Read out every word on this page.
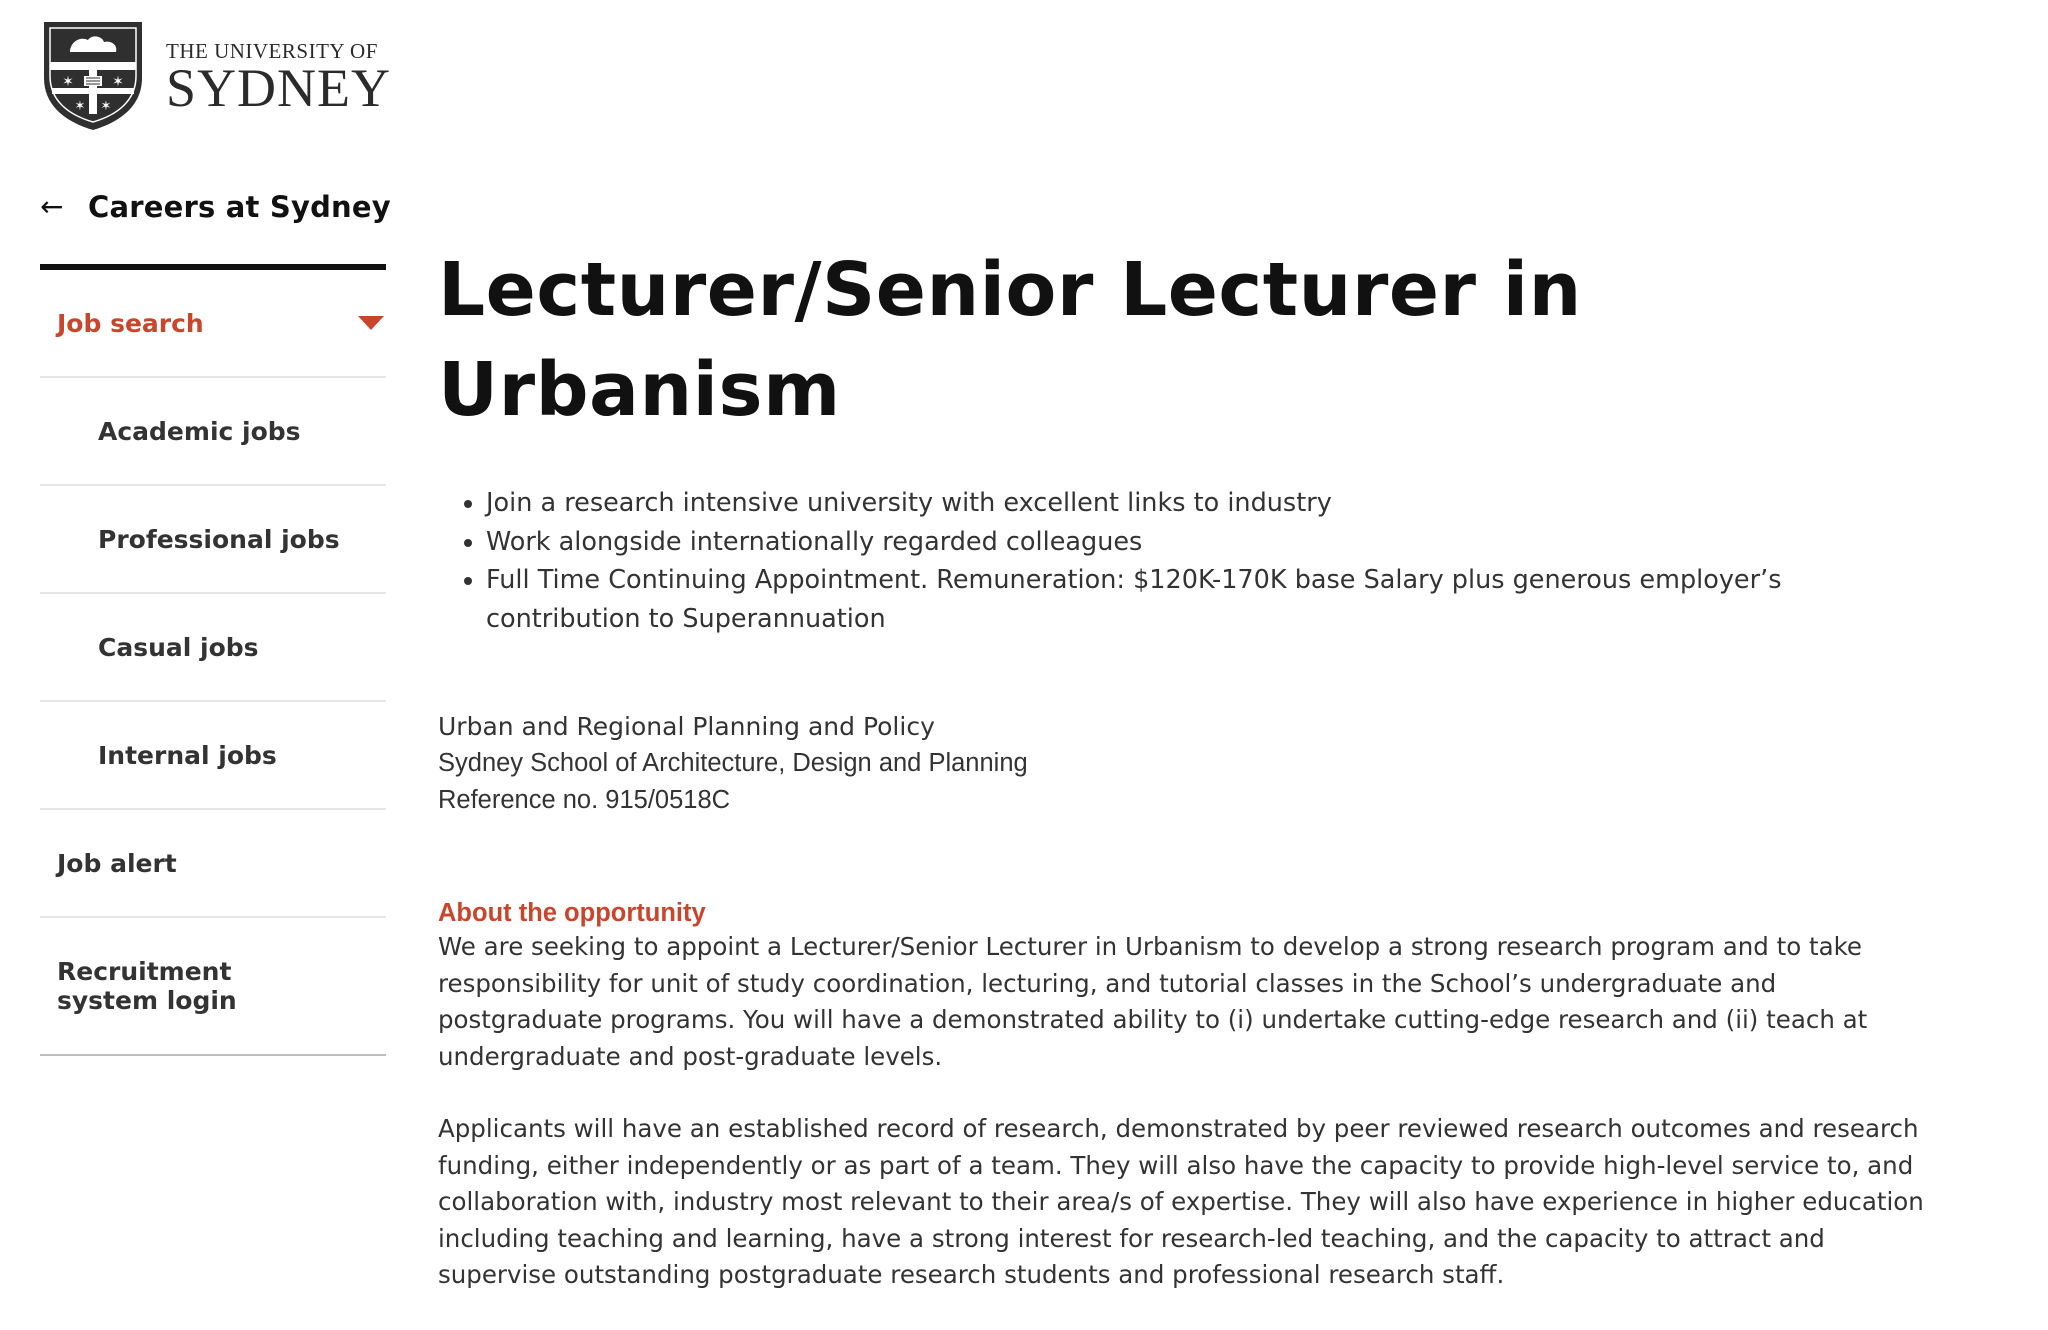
✶	✶
✶ ✶
THE UNIVERSITY OF
SYDNEY
← Careers at Sydney
Job search
Academic jobs
Professional jobs
Casual jobs
Internal jobs
Job alert
Recruitment system login
Lecturer/Senior Lecturer in Urbanism
• Join a research intensive university with excellent links to industry
• Work alongside internationally regarded colleagues
• Full Time Continuing Appointment. Remuneration: $120K-170K base Salary plus generous employer’s contribution to Superannuation
Urban and Regional Planning and Policy
Sydney School of Architecture, Design and Planning
Reference no. 915/0518C
About the opportunity

We are seeking to appoint a Lecturer/Senior Lecturer in Urbanism to develop a strong research program and to take responsibility for unit of study coordination, lecturing, and tutorial classes in the School’s undergraduate and postgraduate programs. You will have a demonstrated ability to (i) undertake cutting-edge research and (ii) teach at undergraduate and post-graduate levels.

Applicants will have an established record of research, demonstrated by peer reviewed research outcomes and research funding, either independently or as part of a team. They will also have the capacity to provide high-level service to, and collaboration with, industry most relevant to their area/s of expertise. They will also have experience in higher education including teaching and learning, have a strong interest for research-led teaching, and the capacity to attract and supervise outstanding postgraduate research students and professional research staff.
